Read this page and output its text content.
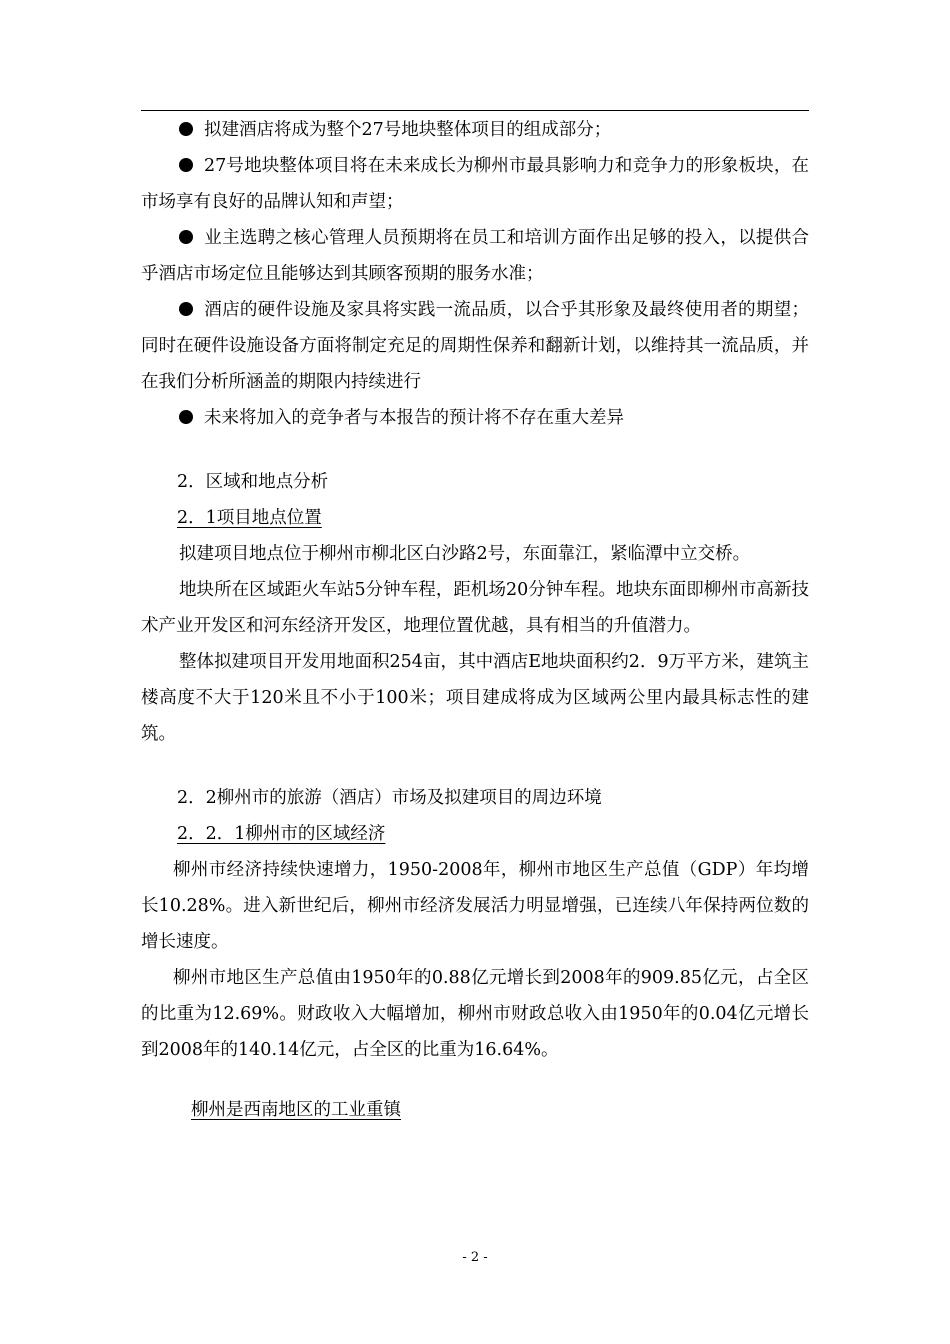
拟建酒店将成为整个27号地块整体项目的组成部分；

27号地块整体项目将在未来成长为柳州市最具影响力和竞争力的形象板块，在市场享有良好的品牌认知和声望；

业主选聘之核心管理人员预期将在员工和培训方面作出足够的投入，以提供合乎酒店市场定位且能够达到其顾客预期的服务水准；

酒店的硬件设施及家具将实践一流品质，以合乎其形象及最终使用者的期望；同时在硬件设施设备方面将制定充足的周期性保养和翻新计划，以维持其一流品质，并在我们分析所涵盖的期限内持续进行

未来将加入的竞争者与本报告的预计将不存在重大差异

2．区域和地点分析

2．1项目地点位置

拟建项目地点位于柳州市柳北区白沙路2号，东面靠江，紧临潭中立交桥。

地块所在区域距火车站5分钟车程，距机场20分钟车程。地块东面即柳州市高新技术产业开发区和河东经济开发区，地理位置优越，具有相当的升值潜力。

整体拟建项目开发用地面积254亩，其中酒店E地块面积约2．9万平方米，建筑主楼高度不大于120米且不小于100米；项目建成将成为区域两公里内最具标志性的建筑。

2．2柳州市的旅游（酒店）市场及拟建项目的周边环境

2．2．1柳州市的区域经济

柳州市经济持续快速增力，1950-2008年，柳州市地区生产总值（GDP）年均增长10.28%。进入新世纪后，柳州市经济发展活力明显增强，已连续八年保持两位数的增长速度。

柳州市地区生产总值由1950年的0.88亿元增长到2008年的909.85亿元，占全区的比重为12.69%。财政收入大幅增加，柳州市财政总收入由1950年的0.04亿元增长到2008年的140.14亿元，占全区的比重为16.64%。

柳州是西南地区的工业重镇

- 2 -
